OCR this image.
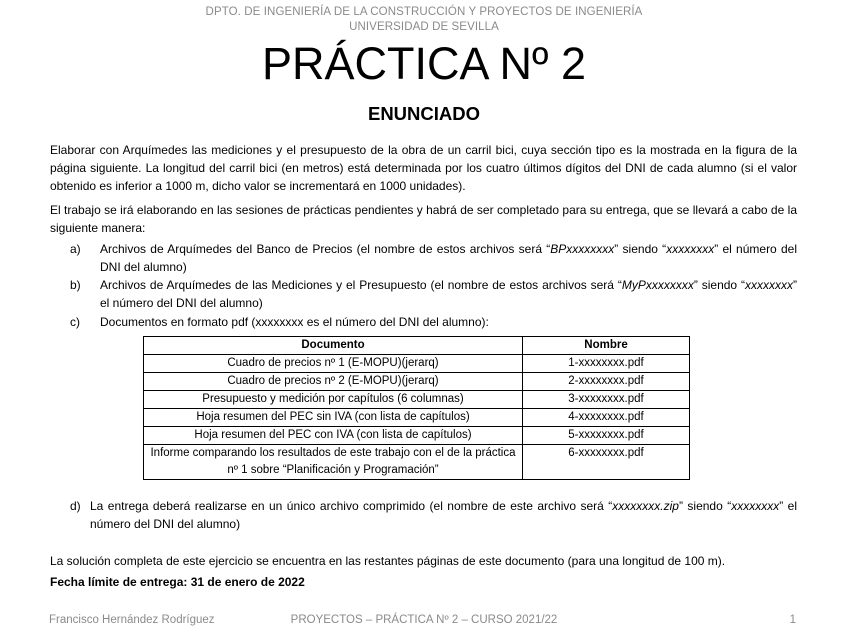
DPTO. DE INGENIERÍA DE LA CONSTRUCCIÓN Y PROYECTOS DE INGENIERÍA
UNIVERSIDAD DE SEVILLA
PRÁCTICA Nº 2
ENUNCIADO
Elaborar con Arquímedes las mediciones y el presupuesto de la obra de un carril bici, cuya sección tipo es la mostrada en la figura de la página siguiente. La longitud del carril bici (en metros) está determinada por los cuatro últimos dígitos del DNI de cada alumno (si el valor obtenido es inferior a 1000 m, dicho valor se incrementará en 1000 unidades).
El trabajo se irá elaborando en las sesiones de prácticas pendientes y habrá de ser completado para su entrega, que se llevará a cabo de la siguiente manera:
a) Archivos de Arquímedes del Banco de Precios (el nombre de estos archivos será “BPxxxxxxxx” siendo “xxxxxxxx” el número del DNI del alumno)
b) Archivos de Arquímedes de las Mediciones y el Presupuesto (el nombre de estos archivos será “MyPxxxxxxxx” siendo “xxxxxxxx” el número del DNI del alumno)
c) Documentos en formato pdf (xxxxxxxx es el número del DNI del alumno):
Documento	Nombre
Cuadro de precios nº 1 (E-MOPU)(jerarq)	1-xxxxxxxx.pdf
Cuadro de precios nº 2 (E-MOPU)(jerarq)	2-xxxxxxxx.pdf
Presupuesto y medición por capítulos (6 columnas)	3-xxxxxxxx.pdf
Hoja resumen del PEC sin IVA (con lista de capítulos)	4-xxxxxxxx.pdf
Hoja resumen del PEC con IVA (con lista de capítulos)	5-xxxxxxxx.pdf
Informe comparando los resultados de este trabajo con el de la práctica nº 1 sobre “Planificación y Programación”	6-xxxxxxxx.pdf
d) La entrega deberá realizarse en un único archivo comprimido (el nombre de este archivo será “xxxxxxxx.zip” siendo “xxxxxxxx” el número del DNI del alumno)
La solución completa de este ejercicio se encuentra en las restantes páginas de este documento (para una longitud de 100 m).
Fecha límite de entrega: 31 de enero de 2022
Francisco Hernández Rodríguez	PROYECTOS – PRÁCTICA Nº 2 – CURSO 2021/22	1
